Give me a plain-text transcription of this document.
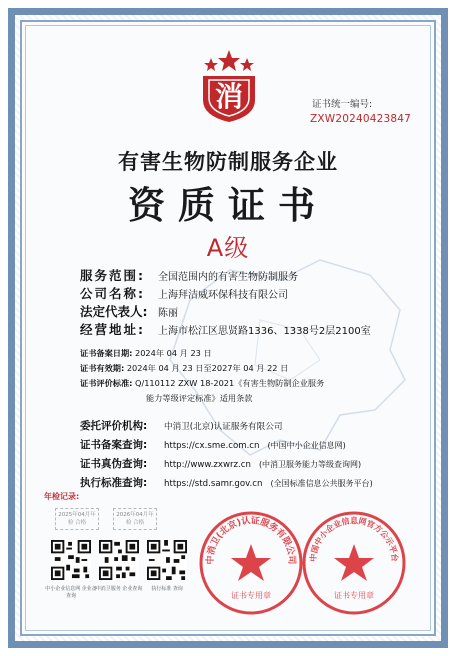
消	证书统一编号:
ZXW20240423847
有害生物防制服务企业
资质证书
A级
服务范围: 全国范围内的有害生物防制服务
公司名称: 上海拜洁威环保科技有限公司
法定代表人: 陈丽
经营地址: 上海市松江区思贤路1336、1338号2层2100室
证书备案日期: 2024年 04 月 23 日
证书有效期: 2024年 04 月 23 日至2027年 04 月 22 日
证书评价标准: Q/110112 ZXW 18-2021《有害生物防制企业服务
能力等级评定标准》适用条款
委托评价机构: 中消卫(北京)认证服务有限公司
证书备案查询: https://cx.sme.com.cn (中国中小企业信息网)
证书真伪查询: http://www.zxwrz.cn (中消卫服务能力等级查询网)
执行标准查询: https://std.samr.gov.cn (全国标准信息公共服务平台)
年检记录:
2025年04月年检 合格
2026年04月年检 合格
中小企业信息网 企业备查询
中消卫服务 企业查询	执行标准 查询
中消卫(北京)认证服务有限公司
证书专用章
中国中小企业信息网官方公示平台
证书专用章
